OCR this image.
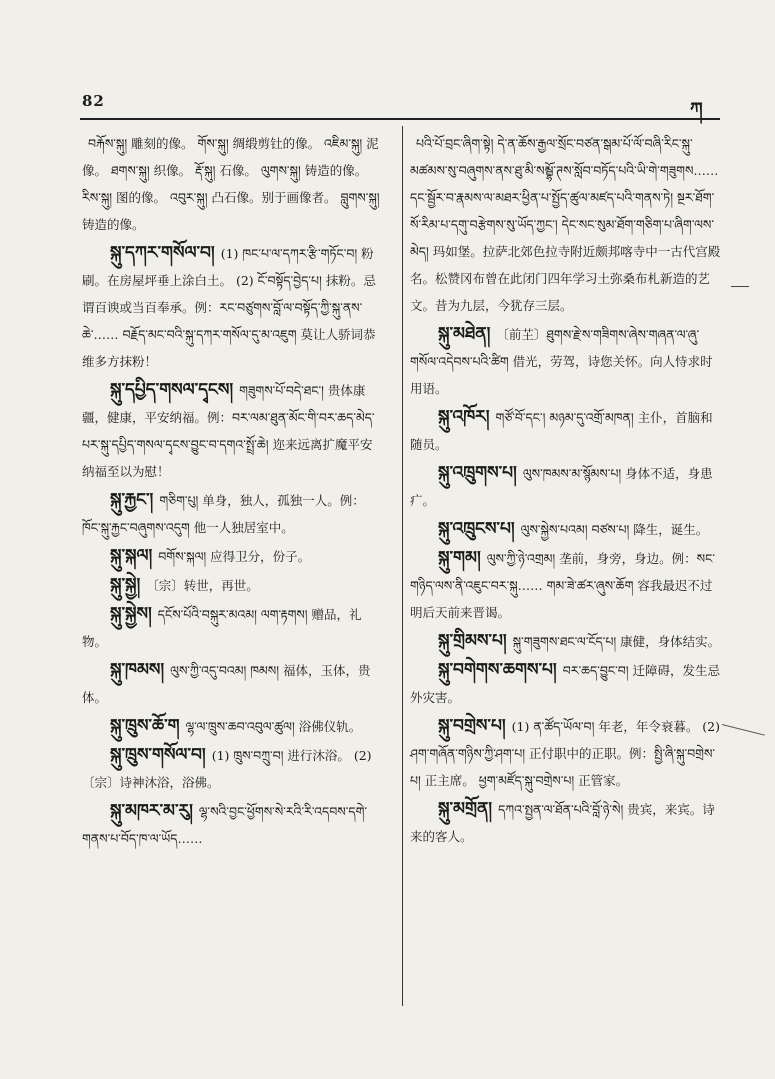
82	ཀ

བརྐོས་སྐུ། 雕刻的像。 གོས་སྐུ། 绸缎剪钍的像。 འཇིམ་སྐུ། 泥像。 ཐགས་སྐུ། 织像。 རྡོ་སྐུ། 石像。 ལུགས་སྐུ། 铸造的像。 རིས་སྐུ། 图的像。 འབུར་སྐུ། 凸石像。别于画像者。 བླུགས་སྐུ། 铸造的像。

སྐུ་དཀར་གསོལ་བ། (1) ཁང་པ་ལ་དཀར་རྩི་གཏོང་བ། 粉刷。在房屋坪垂上涂白土。 (2) ངོ་བསྟོད་བྱེད་པ། 抹粉。忌谓百谀或当百奉承。例：རང་བཙུགས་བློ་ལ་བསྟོད་ཀྱི་སྐུ་ནས་ཆེ་…… བརྗོད་མང་བའི་སྐུ་དཀར་གསོལ་དུ་མ་འཇུག 莫让人骄词恭维多方抹粉！

སྐུ་དཔྱིད་གསལ་དྭངས། གཟུགས་པོ་བདེ་ཐང་། 贵体康疆，健康，平安纳福。例：བར་ལམ་ཐུན་མོང་གི་བར་ཆད་མེད་པར་སྐུ་དཔྱིད་གསལ་དྭངས་བྱུང་བ་དགའ་སྤྲོ་ཆེ། 迩来远离扩魔平安纳福至以为慰！

སྐུ་རྐྱང་། གཅིག་པུ། 单身，独人，孤独一人。例：ཁོང་སྐུ་རྐྱང་བཞུགས་འདུག 他一人独居室中。

སྐུ་སྐལ། བགོས་སྐལ། 应得卫分，份子。

སྐུ་སྐྱེ། 〔宗〕转世，再世。

སྐུ་སྐྱེས། དངོས་པོའི་བསྐུར་མའམ། ལག་རྟགས། 赠品，礼物。

སྐུ་ཁམས། ལུས་ཀྱི་འདུ་བའམ། ཁམས། 福体，玉体，贵体。

སྐུ་ཁྲུས་ཆོ་ག ལྷ་ལ་ཁྲུས་ཆབ་འབུལ་ཚུལ། 浴佛仪轨。

སྐུ་ཁྲུས་གསོལ་བ། (1) ཁྲུས་བཀྲུ་བ། 进行沐浴。 (2) 〔宗〕诗神沐浴，浴佛。

སྐུ་མཁར་མ་རུ། ལྷ་སའི་བྱང་ཕྱོགས་སེ་རའི་རི་འདབས་དགེ་གནས་པ་བོད་ཁ་ལ་ཡོད……

པའི་པོ་བྲང་ཞིག་སྟེ། དེ་ན་ཆོས་རྒྱལ་སྲོང་བཙན་སྒམ་པོ་ལོ་བཞི་རིང་སྐུ་མཚམས་སུ་བཞུགས་ནས་ཐུ་མི་སམྦྷོ་ཊས་སློབ་བཏོད་པའི་ཡི་གེ་གཟུགས…… དང་སྦྱོར་བ་རྣམས་ལ་མཐར་ཕྱིན་པ་སྤྱོད་ཚུལ་མཛད་པའི་གནས་ཏེ། སྔར་ཐོག་སོ་རིམ་པ་དགུ་བརྩེགས་སུ་ཡོད་ཀྱང་། དེང་སང་སུམ་ཐོག་གཅིག་པ་ཞིག་ལས་མེད། 玛如堡。拉萨北郊色拉寺附近颇邦喀寺中一古代宫殿名。松赞冈布曾在此闭门四年学习土弥桑布札新造的艺文。昔为九层，今犹存三层。

སྐུ་མཐེན། 〔前芏〕ཐུགས་རྗེ་ས་གཟིགས་ཞེས་གཞན་ལ་ཞུ་གསོལ་འདེབས་པའི་ཚིག 借光，劳驾，诗您关怀。向人恃求时用语。

སྐུ་འཁོར། གཙོ་བོ་དང་། མཉམ་དུ་འགྲོ་མཁན། 主仆，首脑和随员。

སྐུ་འཁྲུགས་པ། ལུས་ཁམས་མ་སྙོམས་པ། 身体不适，身患疒。

སྐུ་འཁྲུངས་པ། ལུས་སྐྱེས་པའམ། བཙས་པ། 降生，诞生。

སྐུ་གམ། ལུས་ཀྱི་ཉེ་འགྲམ། 垄前，身旁，身边。例：སང་གཉིད་ལས་ནི་འཇུང་བར་སྐུ…… གམ་ཟེ་ཚར་ཞུས་ཆོག 容我最迟不过明后天前来晋谒。

སྐུ་གྲིམས་པ། སྐུ་གཟུགས་ཐང་ལ་ངོད་པ། 康健，身体结实。

སྐུ་བགེགས་ཆགས་པ། བར་ཆད་བྱུང་བ། 迁障碍，发生忌外灾害。

སྐུ་བགྲེས་པ། (1) ན་ཚོད་ཡོལ་བ། 年老，年令衰暮。 (2) ཤག་གཞོན་གཉིས་ཀྱི་ཤག་པ། 正付职中的正职。例：སྤྱི་ཞི་སྐུ་བགྲེས་པ། 正主席。 ཕྱག་མཛོད་སྐུ་བགྲེས་པ། 正管家。

སྐུ་མགྲོན། དཀའ་སྤྱན་ལ་ཐོན་པའི་བློ་ཉེ་སེ། 贵宾，来宾。诗来的客人。
